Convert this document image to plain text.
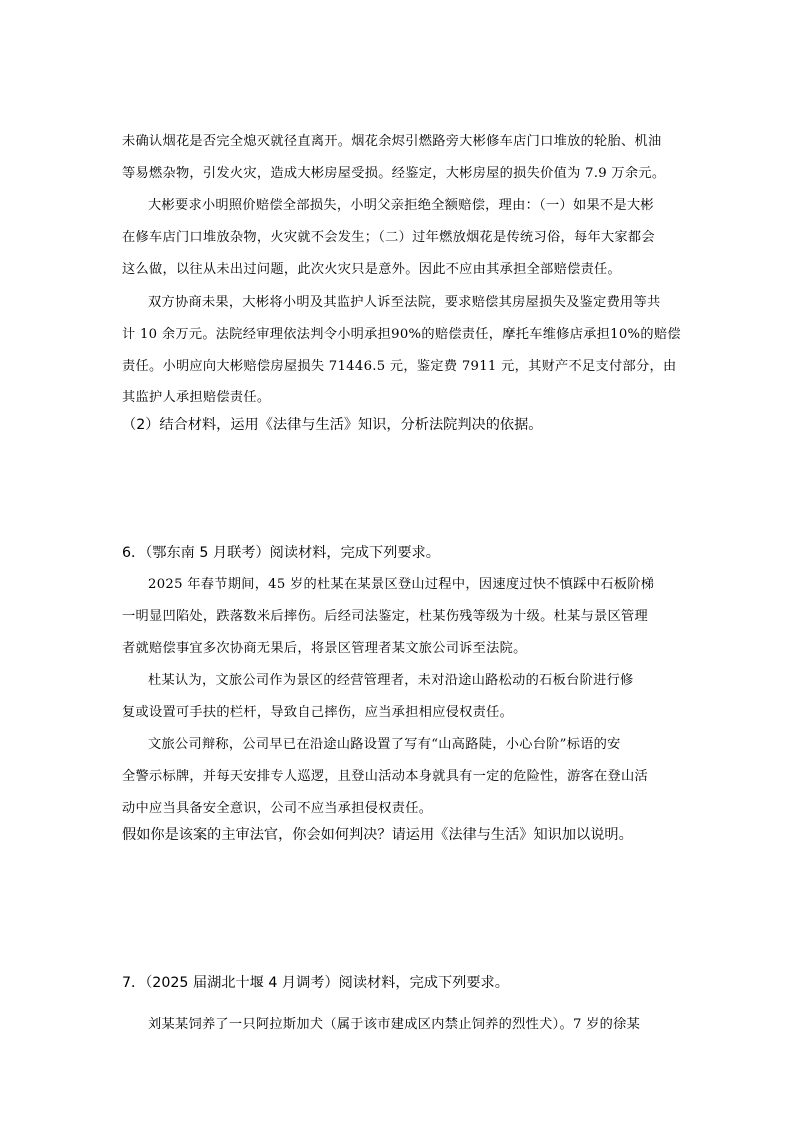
未确认烟花是否完全熄灭就径直离开。烟花余烬引燃路旁大彬修车店门口堆放的轮胎、机油
等易燃杂物，引发火灾，造成大彬房屋受损。经鉴定，大彬房屋的损失价值为 7.9 万余元。
大彬要求小明照价赔偿全部损失，小明父亲拒绝全额赔偿，理由：（一）如果不是大彬
在修车店门口堆放杂物，火灾就不会发生；（二）过年燃放烟花是传统习俗，每年大家都会
这么做，以往从未出过问题，此次火灾只是意外。因此不应由其承担全部赔偿责任。
双方协商未果，大彬将小明及其监护人诉至法院，要求赔偿其房屋损失及鉴定费用等共
计 10 余万元。法院经审理依法判令小明承担90%的赔偿责任，摩托车维修店承担10%的赔偿
责任。小明应向大彬赔偿房屋损失 71446.5 元，鉴定费 7911 元，其财产不足支付部分，由
其监护人承担赔偿责任。
（2）结合材料，运用《法律与生活》知识，分析法院判决的依据。
6．（鄂东南 5 月联考）阅读材料，完成下列要求。
2025 年春节期间，45 岁的杜某在某景区登山过程中，因速度过快不慎踩中石板阶梯
一明显凹陷处，跌落数米后摔伤。后经司法鉴定，杜某伤残等级为十级。杜某与景区管理
者就赔偿事宜多次协商无果后，将景区管理者某文旅公司诉至法院。
杜某认为，文旅公司作为景区的经营管理者，未对沿途山路松动的石板台阶进行修
复或设置可手扶的栏杆，导致自己摔伤，应当承担相应侵权责任。
文旅公司辩称，公司早已在沿途山路设置了写有“山高路陡，小心台阶”标语的安
全警示标牌，并每天安排专人巡逻，且登山活动本身就具有一定的危险性，游客在登山活
动中应当具备安全意识，公司不应当承担侵权责任。
假如你是该案的主审法官，你会如何判决？请运用《法律与生活》知识加以说明。
7．（2025 届湖北十堰 4 月调考）阅读材料，完成下列要求。
刘某某饲养了一只阿拉斯加犬（属于该市建成区内禁止饲养的烈性犬）。7 岁的徐某
